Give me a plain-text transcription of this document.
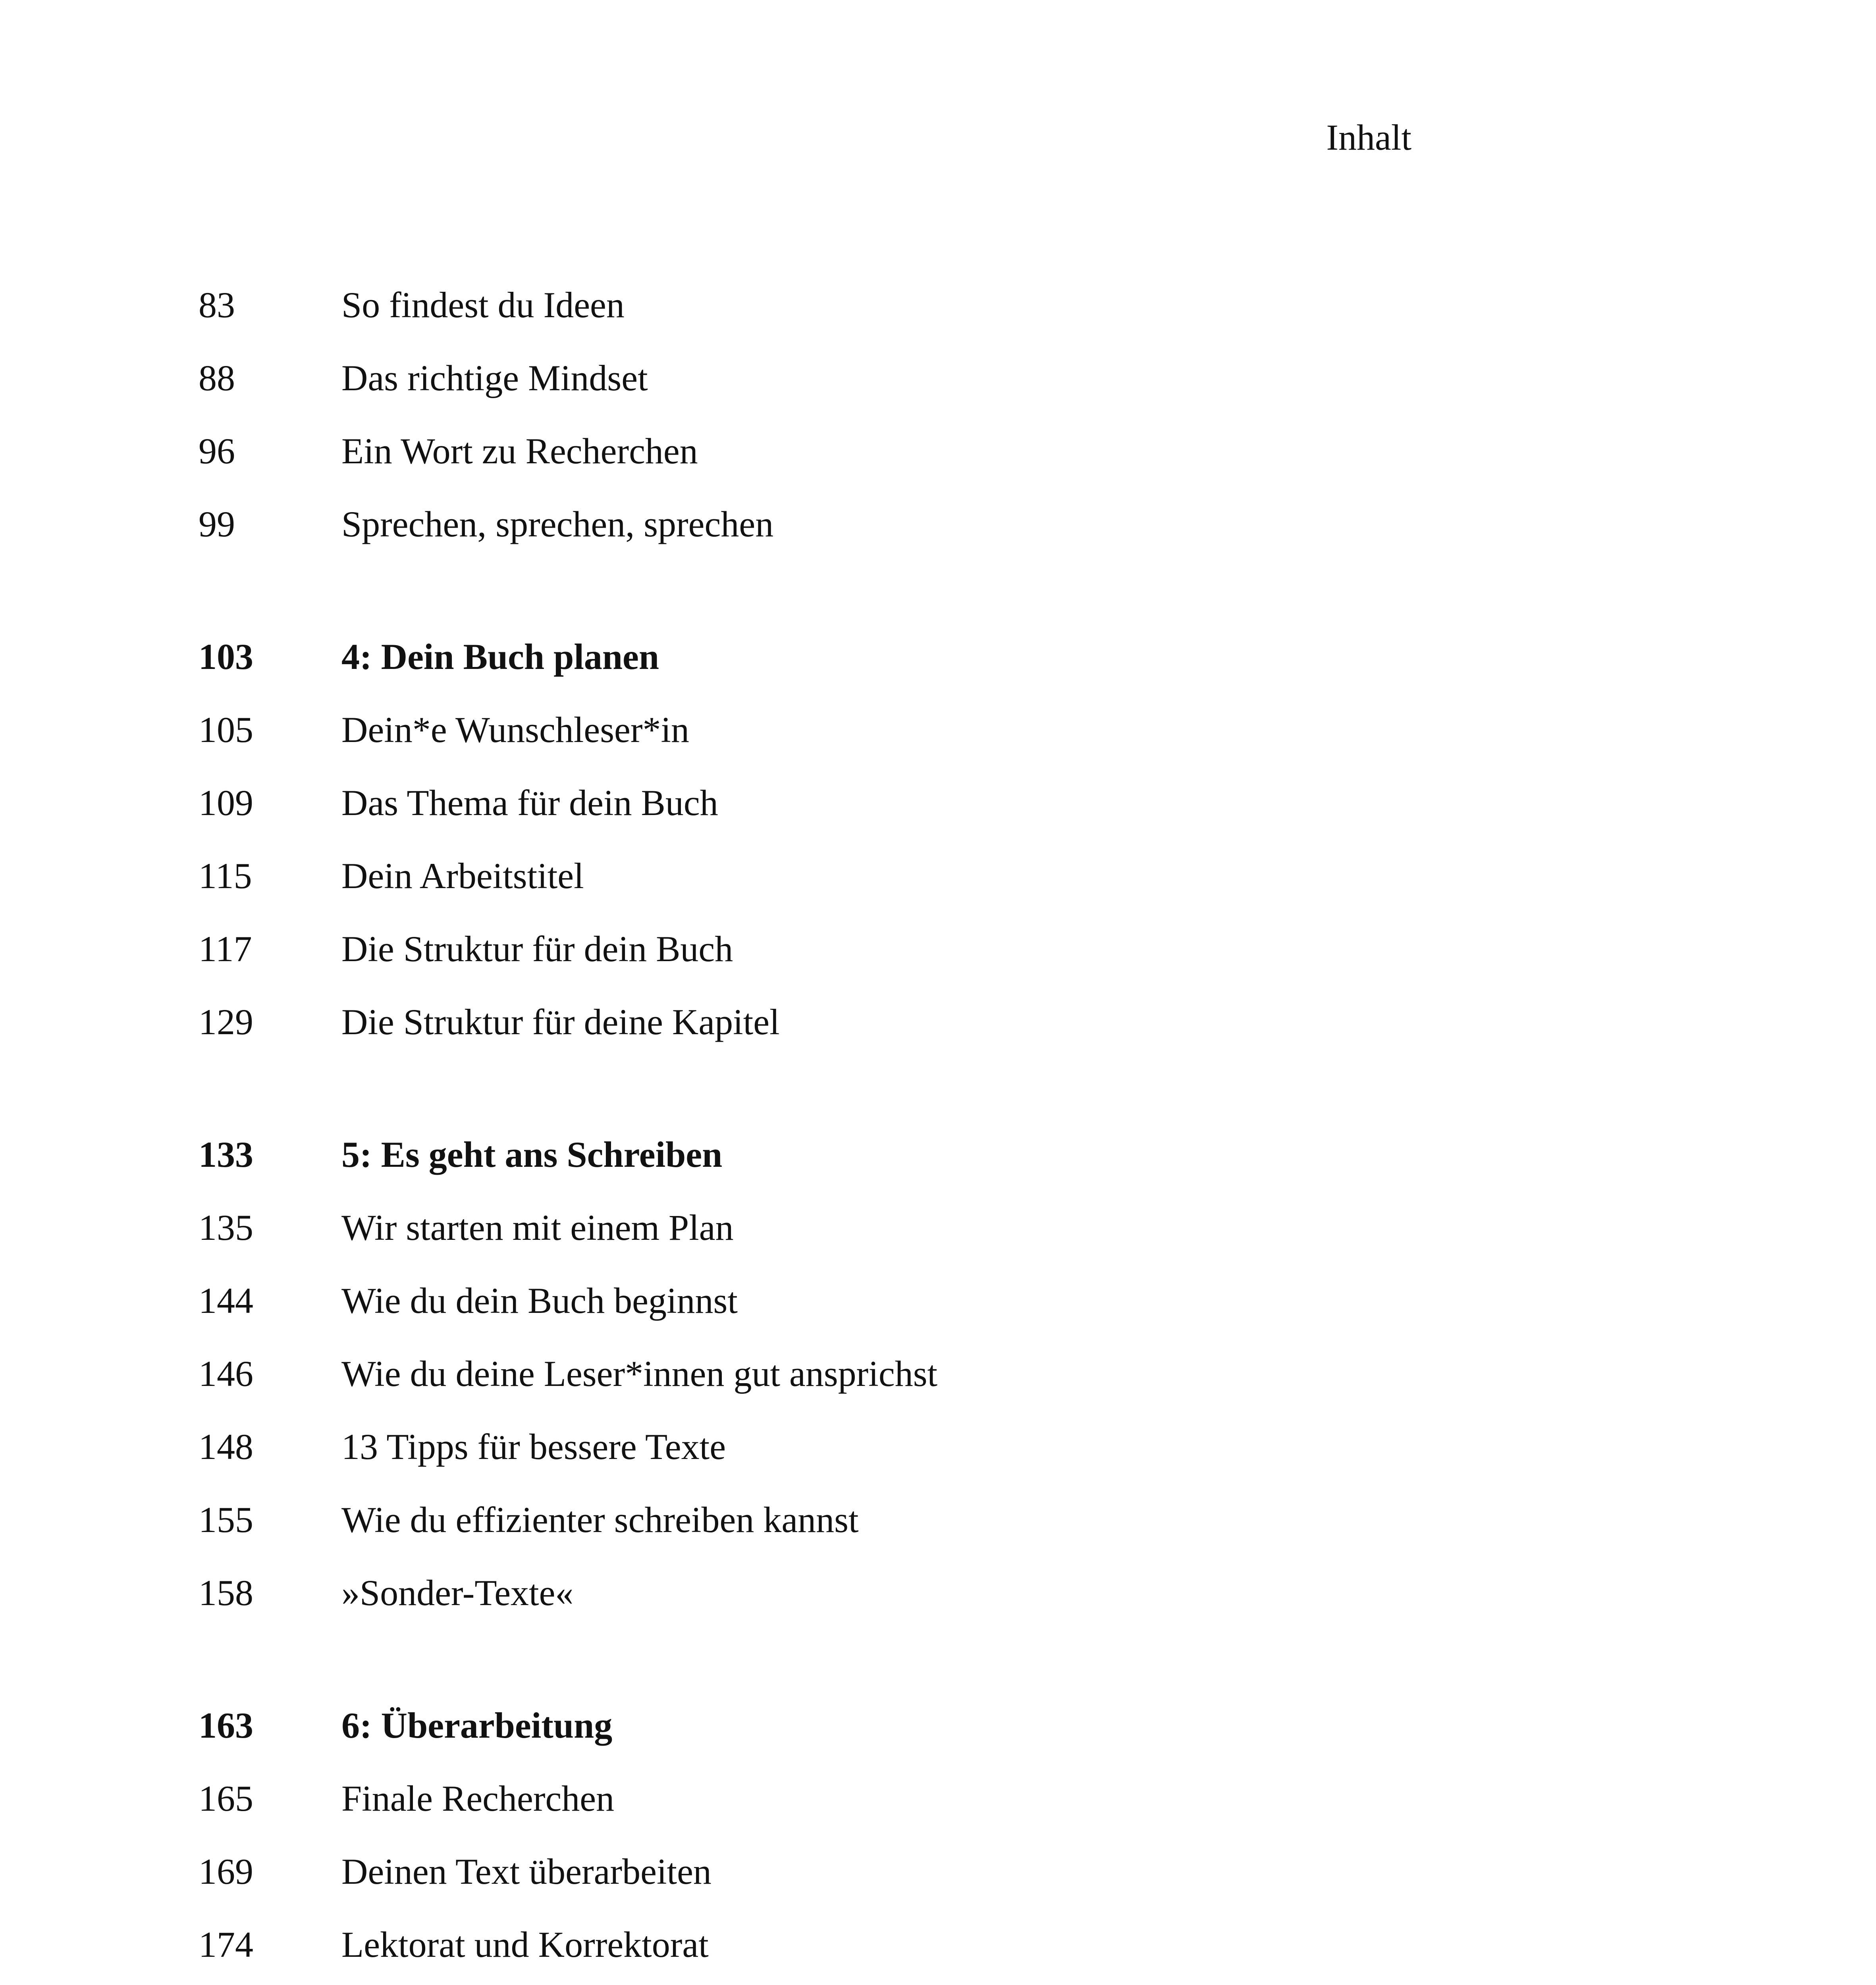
Inhalt
83	So findest du Ideen
88	Das richtige Mindset
96	Ein Wort zu Recherchen
99	Sprechen, sprechen, sprechen
103	4: Dein Buch planen
105	Dein*e Wunschleser*in
109	Das Thema für dein Buch
115	Dein Arbeitstitel
117	Die Struktur für dein Buch
129	Die Struktur für deine Kapitel
133	5: Es geht ans Schreiben
135	Wir starten mit einem Plan
144	Wie du dein Buch beginnst
146	Wie du deine Leser*innen gut ansprichst
148	13 Tipps für bessere Texte
155	Wie du effizienter schreiben kannst
158	»Sonder-Texte«
163	6: Überarbeitung
165	Finale Recherchen
169	Deinen Text überarbeiten
174	Lektorat und Korrektorat
